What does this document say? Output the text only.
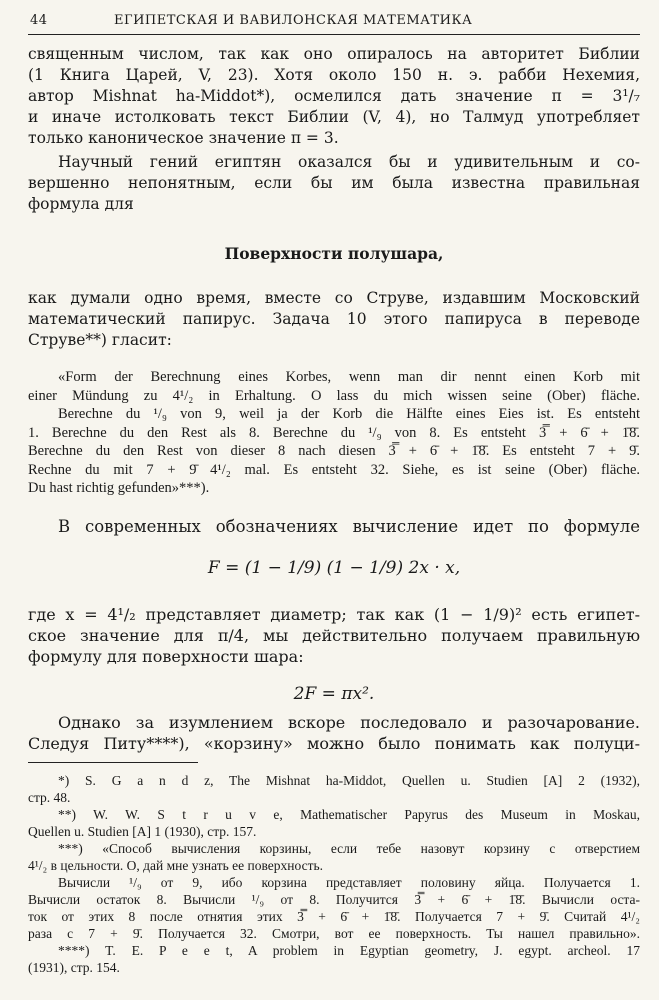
44	ЕГИПЕТСКАЯ И ВАВИЛОНСКАЯ МАТЕМАТИКА
священным числом, так как оно опиралось на авторитет Библии
(1 Книга Царей, V, 23). Хотя около 150 н. э. рабби Нехемия,
автор Mishnat ha-Middot*), осмелился дать значение π = 3¹/₇
и иначе истолковать текст Библии (V, 4), но Талмуд употребляет
только каноническое значение π = 3.
Научный гений египтян оказался бы и удивительным и со-
вершенно непонятным, если бы им была известна правильная
формула для
Поверхности полушара,
как думали одно время, вместе со Струве, издавшим Московский
математический папирус. Задача 10 этого папируса в переводе
Струве**) гласит:
«Form der Berechnung eines Korbes, wenn man dir nennt einen Korb mit
einer Mündung zu 4¹/₂ in Erhaltung. O lass du mich wissen seine (Ober) fläche.
Berechne du ¹/₉ von 9, weil ja der Korb die Hälfte eines Eies ist. Es entsteht
1. Berechne du den Rest als 8. Berechne du ¹/₉ von 8. Es entsteht 3̿ + 6̄ + 1̄8̄.
Berechne du den Rest von dieser 8 nach diesen 3̿ + 6̄ + 1̄8̄. Es entsteht 7 + 9̄.
Rechne du mit 7 + 9̄ 4¹/₂ mal. Es entsteht 32. Siehe, es ist seine (Ober) fläche.
Du hast richtig gefunden»***).
В современных обозначениях вычисление идет по формуле
F = (1 − 1/9) (1 − 1/9) 2x · x,
где x = 4¹/₂ представляет диаметр; так как (1 − 1/9)² есть египет-
ское значение для π/4, мы действительно получаем правильную
формулу для поверхности шара:
2F = πx².
Однако за изумлением вскоре последовало и разочарование.
Следуя Питу****), «корзину» можно было понимать как полуци-
*) S. G a n d z, The Mishnat ha-Middot, Quellen u. Studien [A] 2 (1932),
стр. 48.
**) W. W. S t r u v e, Mathematischer Papyrus des Museum in Moskau,
Quellen u. Studien [A] 1 (1930), стр. 157.
***) «Способ вычисления корзины, если тебе назовут корзину с отверстием
4¹/₂ в цельности. О, дай мне узнать ее поверхность.
Вычисли ¹/₉ от 9, ибо корзина представляет половину яйца. Получается 1.
Вычисли остаток 8. Вычисли ¹/₉ от 8. Получится 3̿ + 6̄ + 1̄8̄. Вычисли оста-
ток от этих 8 после отнятия этих 3̿ + 6̄ + 1̄8̄. Получается 7 + 9̄. Считай 4¹/₂
раза с 7 + 9̄. Получается 32. Смотри, вот ее поверхность. Ты нашел правильно».
****) T. E. P e e t, A problem in Egyptian geometry, J. egypt. archeol. 17
(1931), стр. 154.
